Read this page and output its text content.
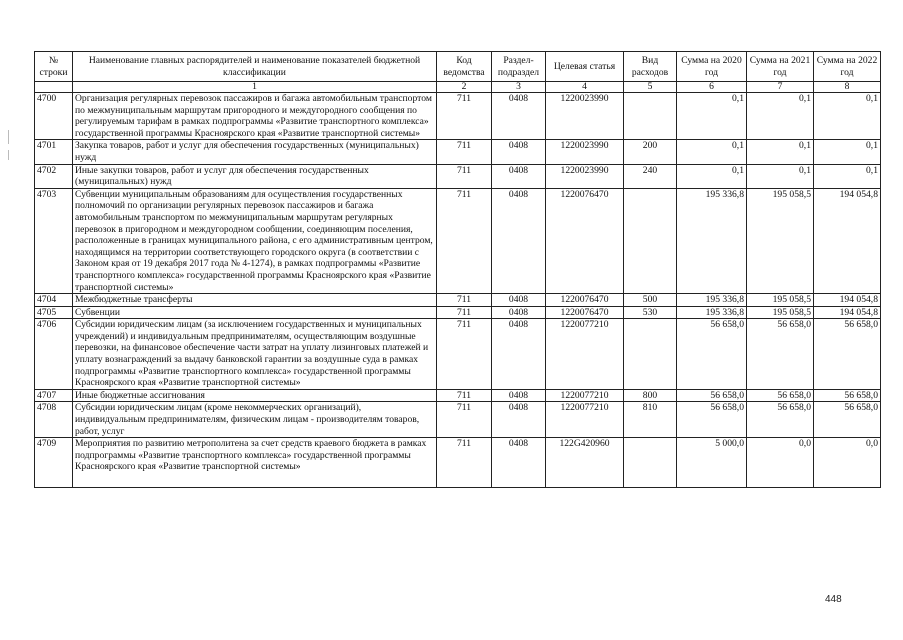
№ строки	Наименование главных распорядителей и наименование показателей бюджетной классификации	Код ведомства	Раздел-подраздел	Целевая статья	Вид расходов	Сумма на 2020 год	Сумма на 2021 год	Сумма на 2022 год
	1	2	3	4	5	6	7	8
4700	Организация регулярных перевозок пассажиров и багажа автомобильным транспортом по межмуниципальным маршрутам пригородного и междугородного сообщения по регулируемым тарифам в рамках подпрограммы «Развитие транспортного комплекса» государственной программы Красноярского края «Развитие транспортной системы»	711	0408	1220023990		0,1	0,1	0,1
4701	Закупка товаров, работ и услуг для обеспечения государственных (муниципальных) нужд	711	0408	1220023990	200	0,1	0,1	0,1
4702	Иные закупки товаров, работ и услуг для обеспечения государственных (муниципальных) нужд	711	0408	1220023990	240	0,1	0,1	0,1
4703	Субвенции муниципальным образованиям для осуществления государственных полномочий по организации регулярных перевозок пассажиров и багажа автомобильным транспортом по межмуниципальным маршрутам регулярных перевозок в пригородном и междугородном сообщении, соединяющим поселения, расположенные в границах муниципального района, с его административным центром, находящимся на территории соответствующего городского округа (в соответствии с Законом края от 19 декабря 2017 года № 4-1274), в рамках подпрограммы «Развитие транспортного комплекса» государственной программы Красноярского края «Развитие транспортной системы»	711	0408	1220076470		195 336,8	195 058,5	194 054,8
4704	Межбюджетные трансферты	711	0408	1220076470	500	195 336,8	195 058,5	194 054,8
4705	Субвенции	711	0408	1220076470	530	195 336,8	195 058,5	194 054,8
4706	Субсидии юридическим лицам (за исключением государственных и муниципальных учреждений) и индивидуальным предпринимателям, осуществляющим воздушные перевозки, на финансовое обеспечение части затрат на уплату лизинговых платежей и уплату вознаграждений за выдачу банковской гарантии за воздушные суда в рамках подпрограммы «Развитие транспортного комплекса» государственной программы Красноярского края «Развитие транспортной системы»	711	0408	1220077210		56 658,0	56 658,0	56 658,0
4707	Иные бюджетные ассигнования	711	0408	1220077210	800	56 658,0	56 658,0	56 658,0
4708	Субсидии юридическим лицам (кроме некоммерческих организаций), индивидуальным предпринимателям, физическим лицам - производителям товаров, работ, услуг	711	0408	1220077210	810	56 658,0	56 658,0	56 658,0
4709	Мероприятия по развитию метрополитена за счет средств краевого бюджета в рамках подпрограммы «Развитие транспортного комплекса» государственной программы Красноярского края «Развитие транспортной системы»	711	0408	122G420960		5 000,0	0,0	0,0
448
